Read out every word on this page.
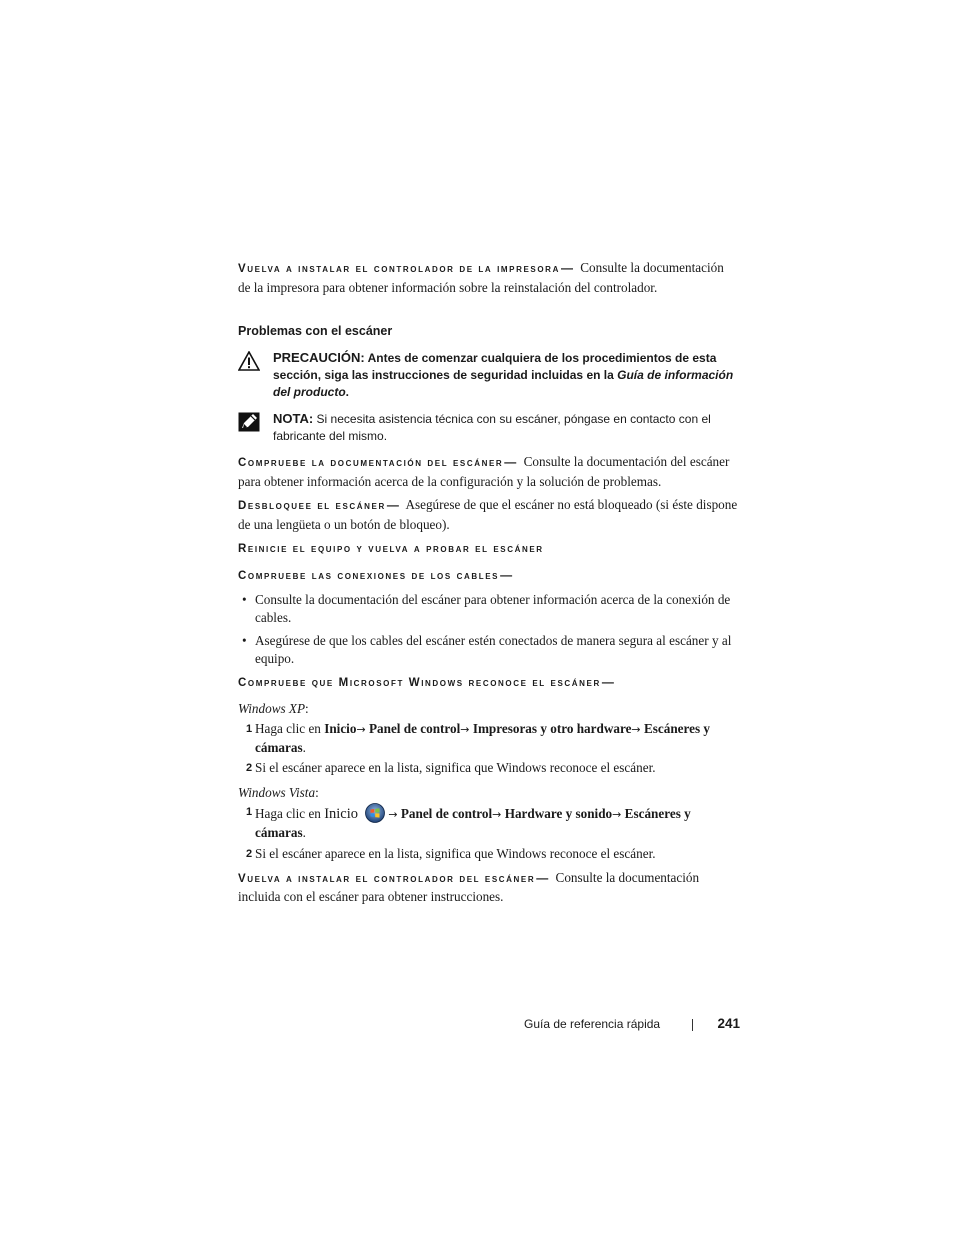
Vuelva a instalar el controlador de la impresora— Consulte la documentación de la impresora para obtener información sobre la reinstalación del controlador.
Problemas con el escáner
PRECAUCIÓN: Antes de comenzar cualquiera de los procedimientos de esta sección, siga las instrucciones de seguridad incluidas en la Guía de información del producto.
NOTA: Si necesita asistencia técnica con su escáner, póngase en contacto con el fabricante del mismo.
Compruebe la documentación del escáner— Consulte la documentación del escáner para obtener información acerca de la configuración y la solución de problemas.
Desbloquee el escáner— Asegúrese de que el escáner no está bloqueado (si éste dispone de una lengüeta o un botón de bloqueo).
Reinicie el equipo y vuelva a probar el escáner
Compruebe las conexiones de los cables—
• Consulte la documentación del escáner para obtener información acerca de la conexión de cables.
• Asegúrese de que los cables del escáner estén conectados de manera segura al escáner y al equipo.
Compruebe que Microsoft Windows reconoce el escáner—
Windows XP:
1 Haga clic en Inicio→ Panel de control→ Impresoras y otro hardware→ Escáneres y cámaras.
2 Si el escáner aparece en la lista, significa que Windows reconoce el escáner.
Windows Vista:
1 Haga clic en Inicio	→ Panel de control→ Hardware y sonido→ Escáneres y cámaras.
2 Si el escáner aparece en la lista, significa que Windows reconoce el escáner.
Vuelva a instalar el controlador del escáner— Consulte la documentación incluida con el escáner para obtener instrucciones.
Guía de referencia rápida	241
